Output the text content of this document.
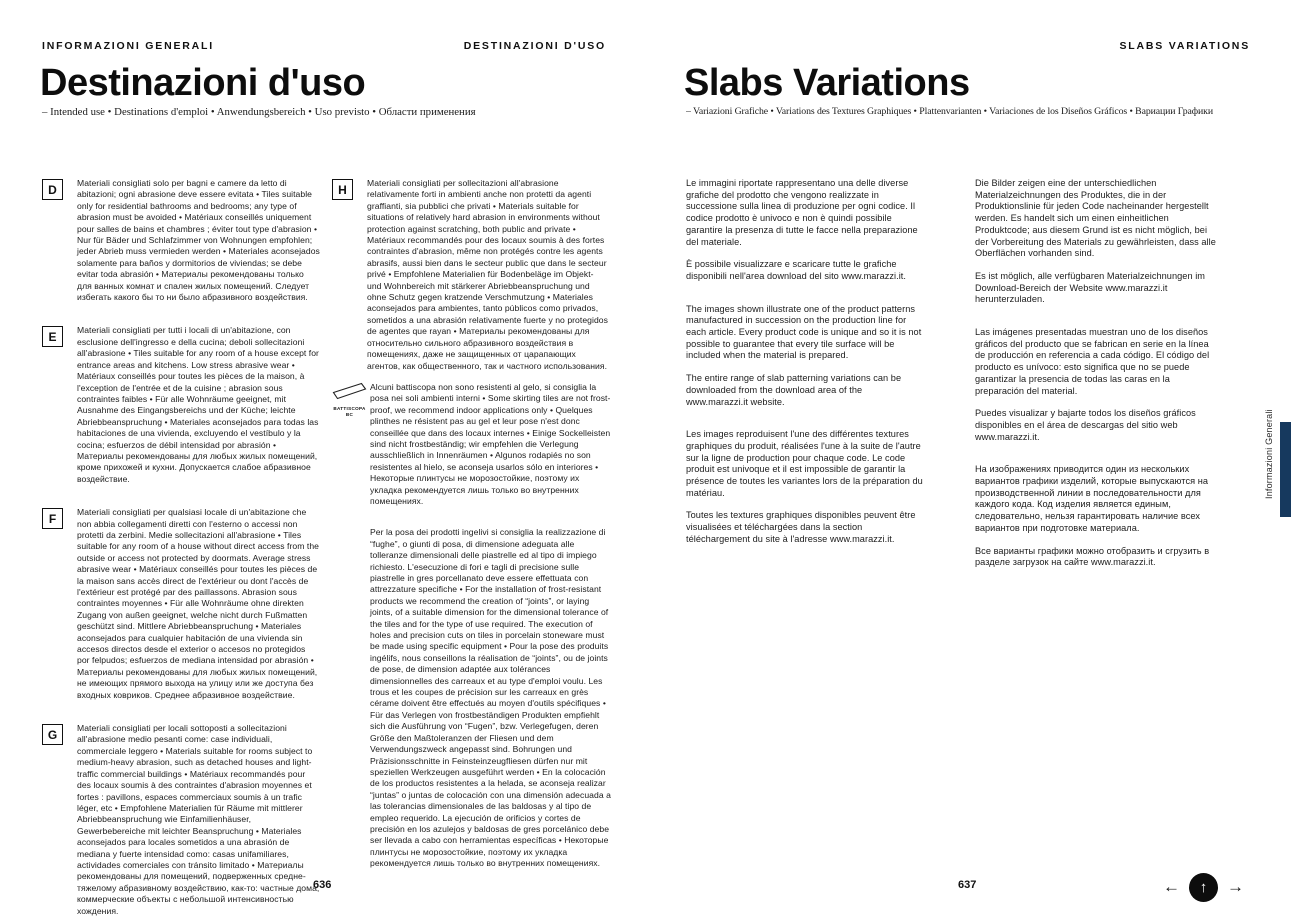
INFORMAZIONI GENERALI	DESTINAZIONI D'USO
Destinazioni d'uso
– Intended use • Destinations d'emploi • Anwendungsbereich • Uso previsto • Области применения
SLABS VARIATIONS
Slabs Variations
– Variazioni Grafiche • Variations des Textures Graphiques • Plattenvarianten • Variaciones de los Diseños Gráficos • Вариации Графики
D	Materiali consigliati solo per bagni e camere da letto di abitazioni; ogni abrasione deve essere evitata • Tiles suitable only for residential bathrooms and bedrooms; any type of abrasion must be avoided • Matériaux conseillés uniquement pour salles de bains et chambres ; éviter tout type d'abrasion • Nur für Bäder und Schlafzimmer von Wohnungen empfohlen; jeder Abrieb muss vermieden werden • Materiales aconsejados solamente para baños y dormitorios de viviendas; se debe evitar toda abrasión • Материалы рекомендованы только для ванных комнат и спален жилых помещений. Следует избегать какого бы то ни было абразивного воздействия.
E	Materiali consigliati per tutti i locali di un'abitazione, con esclusione dell'ingresso e della cucina; deboli sollecitazioni all'abrasione • Tiles suitable for any room of a house except for entrance areas and kitchens. Low stress abrasive wear • Matériaux conseillés pour toutes les pièces de la maison, à l'exception de l'entrée et de la cuisine ; abrasion sous contraintes faibles • Für alle Wohnräume geeignet, mit Ausnahme des Eingangsbereichs und der Küche; leichte Abriebbeanspruchung • Materiales aconsejados para todas las habitaciones de una vivienda, excluyendo el vestíbulo y la cocina; esfuerzos de débil intensidad por abrasión • Материалы рекомендованы для любых жилых помещений, кроме прихожей и кухни. Допускается слабое абразивное воздействие.
F	Materiali consigliati per qualsiasi locale di un'abitazione che non abbia collegamenti diretti con l'esterno o accessi non protetti da zerbini. Medie sollecitazioni all'abrasione • Tiles suitable for any room of a house without direct access from the outside or access not protected by doormats. Average stress abrasive wear • Matériaux conseillés pour toutes les pièces de la maison sans accès direct de l'extérieur ou dont l'accès de l'extérieur est protégé par des paillassons. Abrasion sous contraintes moyennes • Für alle Wohnräume ohne direkten Zugang von außen geeignet, welche nicht durch Fußmatten geschützt sind. Mittlere Abriebbeanspruchung • Materiales aconsejados para cualquier habitación de una vivienda sin accesos directos desde el exterior o accesos no protegidos por felpudos; esfuerzos de mediana intensidad por abrasión • Материалы рекомендованы для любых жилых помещений, не имеющих прямого выхода на улицу или же доступа без входных ковриков. Среднее абразивное воздействие.
G	Materiali consigliati per locali sottoposti a sollecitazioni all'abrasione medio pesanti come: case individuali, commerciale leggero • Materials suitable for rooms subject to medium-heavy abrasion, such as detached houses and light-traffic commercial buildings • Matériaux recommandés pour des locaux soumis à des contraintes d'abrasion moyennes et fortes : pavillons, espaces commerciaux soumis à un trafic léger, etc • Empfohlene Materialien für Räume mit mittlerer Abriebbeanspruchung wie Einfamilienhäuser, Gewerbebereiche mit leichter Beanspruchung • Materiales aconsejados para locales sometidos a una abrasión de mediana y fuerte intensidad como: casas unifamiliares, actividades comerciales con tránsito limitado • Материалы рекомендованы для помещений, подверженных средне-тяжелому абразивному воздействию, как-то: частные дома, коммерческие объекты с небольшой интенсивностью хождения.
H	Materiali consigliati per sollecitazioni all'abrasione relativamente forti in ambienti anche non protetti da agenti graffianti, sia pubblici che privati • Materials suitable for situations of relatively hard abrasion in environments without protection against scratching, both public and private • Matériaux recommandés pour des locaux soumis à des fortes contraintes d'abrasion, même non protégés contre les agents abrasifs, aussi bien dans le secteur public que dans le secteur privé • Empfohlene Materialien für Bodenbeläge im Objekt- und Wohnbereich mit stärkerer Abriebbeanspruchung und ohne Schutz gegen kratzende Verschmutzung • Materiales aconsejados para ambientes, tanto públicos como privados, sometidos a una abrasión relativamente fuerte y no protegidos de agentes que rayan • Материалы рекомендованы для относительно сильного абразивного воздействия в помещениях, даже не защищенных от царапающих агентов, как общественного, так и частного использования.
BATTISCOPA
BC
Alcuni battiscopa non sono resistenti al gelo, si consiglia la posa nei soli ambienti interni • Some skirting tiles are not frost-proof, we recommend indoor applications only • Quelques plinthes ne résistent pas au gel et leur pose n'est donc conseillée que dans des locaux internes • Einige Sockelleisten sind nicht frostbeständig; wir empfehlen die Verlegung ausschließlich in Innenräumen • Algunos rodapiés no son resistentes al hielo, se aconseja usarlos sólo en interiores • Некоторые плинтусы не морозостойкие, поэтому их укладка рекомендуется лишь только во внутренних помещениях.
Per la posa dei prodotti ingelivi si consiglia la realizzazione di “fughe”, o giunti di posa, di dimensione adeguata alle tolleranze dimensionali delle piastrelle ed al tipo di impiego richiesto. L'esecuzione di fori e tagli di precisione sulle piastrelle in gres porcellanato deve essere effettuata con attrezzature specifiche • For the installation of frost-resistant products we recommend the creation of “joints”, or laying joints, of a suitable dimension for the dimensional tolerance of the tiles and for the type of use required. The execution of holes and precision cuts on tiles in porcelain stoneware must be made using specific equipment • Pour la pose des produits ingélifs, nous conseillons la réalisation de “joints”, ou de joints de pose, de dimension adaptée aux tolérances dimensionnelles des carreaux et au type d'emploi voulu. Les trous et les coupes de précision sur les carreaux en grès cérame doivent être effectués au moyen d'outils spécifiques • Für das Verlegen von frostbeständigen Produkten empfiehlt sich die Ausführung von “Fugen”, bzw. Verlegefugen, deren Größe den Maßtoleranzen der Fliesen und dem Verwendungszweck angepasst sind. Bohrungen und Präzisionsschnitte in Feinsteinzeugfliesen dürfen nur mit speziellen Werkzeugen ausgeführt werden • En la colocación de los productos resistentes a la helada, se aconseja realizar “juntas” o juntas de colocación con una dimensión adecuada a las tolerancias dimensionales de las baldosas y al tipo de empleo requerido. La ejecución de orificios y cortes de precisión en los azulejos y baldosas de gres porcelánico debe ser llevada a cabo con herramientas específicas • Некоторые плинтусы не морозостойкие, поэтому их укладка рекомендуется лишь только во внутренних помещениях.
Le immagini riportate rappresentano una delle diverse grafiche del prodotto che vengono realizzate in successione sulla linea di produzione per ogni codice. Il codice prodotto è univoco e non è quindi possibile garantire la presenza di tutte le facce nella preparazione del materiale.
È possibile visualizzare e scaricare tutte le grafiche disponibili nell'area download del sito www.marazzi.it.
The images shown illustrate one of the product patterns manufactured in succession on the production line for each article. Every product code is unique and so it is not possible to guarantee that every tile surface will be included when the material is prepared.
The entire range of slab patterning variations can be downloaded from the download area of the www.marazzi.it website.
Les images reproduisent l'une des différentes textures graphiques du produit, réalisées l'une à la suite de l'autre sur la ligne de production pour chaque code. Le code produit est univoque et il est impossible de garantir la présence de toutes les variantes lors de la préparation du matériau.
Toutes les textures graphiques disponibles peuvent être visualisées et téléchargées dans la section téléchargement du site à l'adresse www.marazzi.it.
Die Bilder zeigen eine der unterschiedlichen Materialzeichnungen des Produktes, die in der Produktionslinie für jeden Code nacheinander hergestellt werden. Es handelt sich um einen einheitlichen Produktcode; aus diesem Grund ist es nicht möglich, bei der Vorbereitung des Materials zu gewährleisten, dass alle Oberflächen vorhanden sind.
Es ist möglich, alle verfügbaren Materialzeichnungen im Download-Bereich der Website www.marazzi.it herunterzuladen.
Las imágenes presentadas muestran uno de los diseños gráficos del producto que se fabrican en serie en la línea de producción en referencia a cada código. El código del producto es unívoco: esto significa que no se puede garantizar la presencia de todas las caras en la preparación del material.
Puedes visualizar y bajarte todos los diseños gráficos disponibles en el área de descargas del sitio web www.marazzi.it.
На изображениях приводится один из нескольких вариантов графики изделий, которые выпускаются на производственной линии в последовательности для каждого кода. Код изделия является единым, следовательно, нельзя гарантировать наличие всех вариантов при подготовке материала.
Все варианты графики можно отобразить и сгрузить в разделе загрузок на сайте www.marazzi.it.
636	637	← ↑ →
Informazioni Generali
